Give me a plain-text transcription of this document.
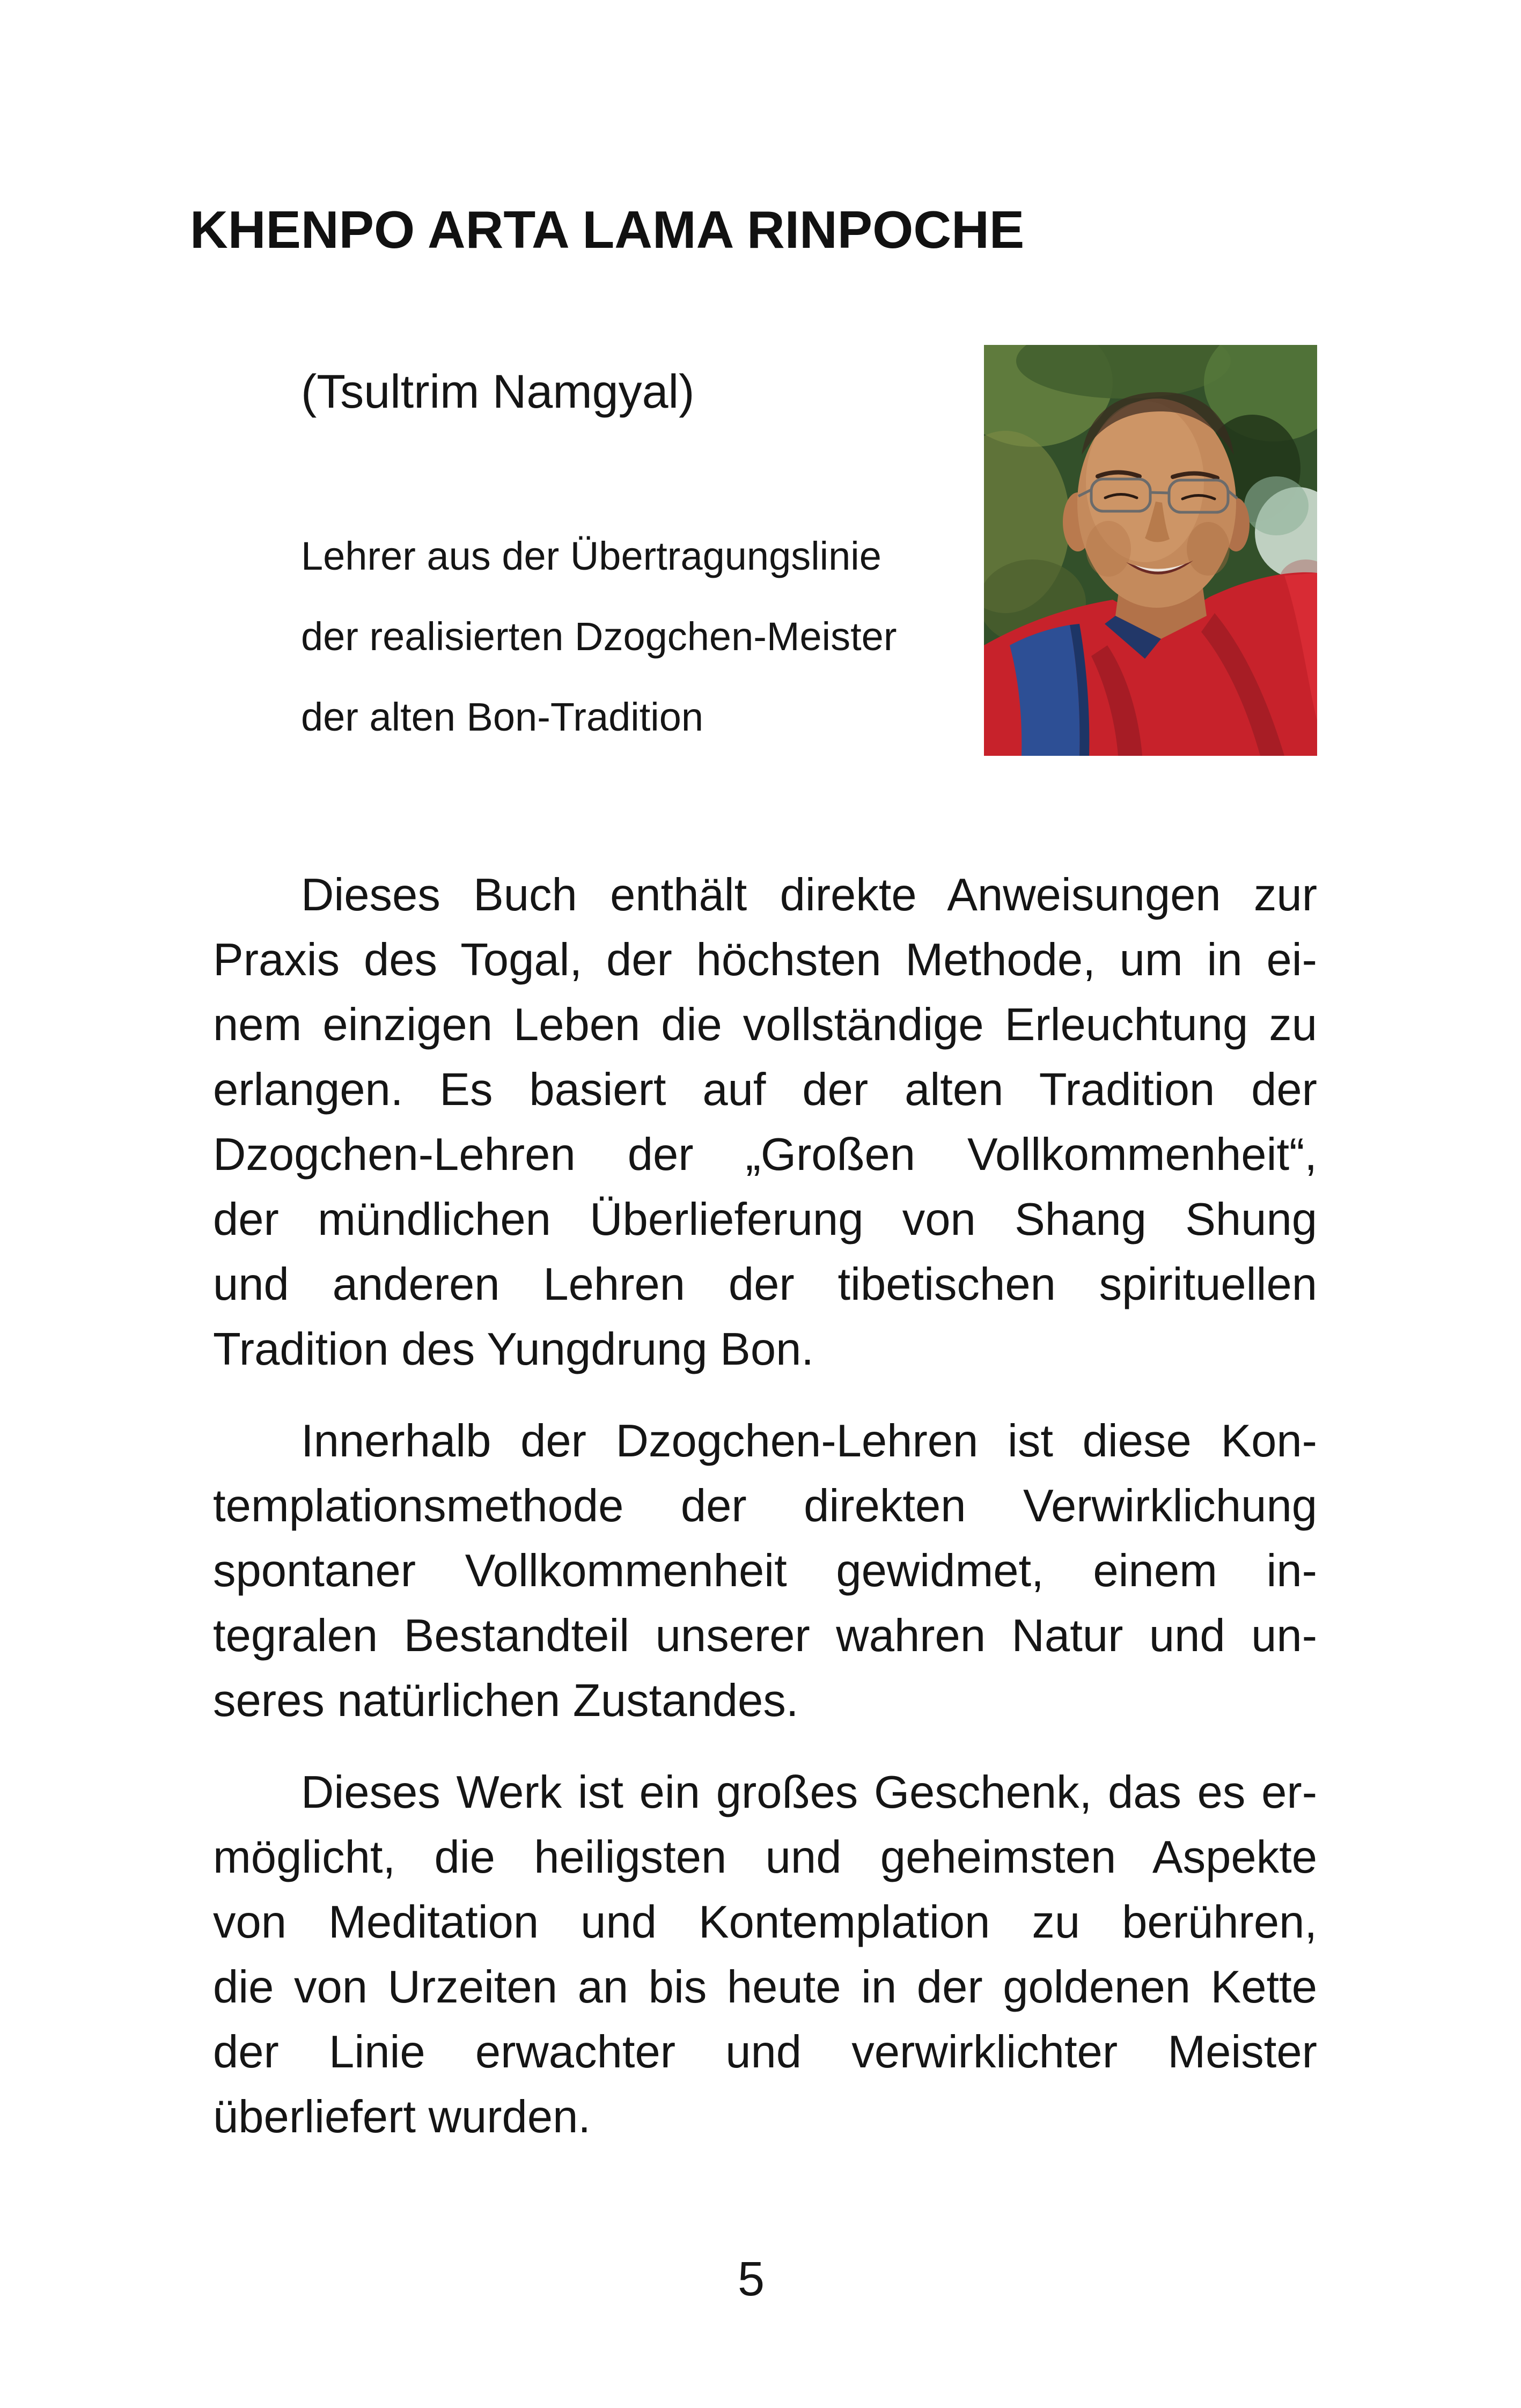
KHENPO ARTA LAMA RINPOCHE
(Tsultrim Namgyal)
Lehrer aus der Übertragungslinie
der realisierten Dzogchen-Meister
der alten Bon-Tradition
Dieses Buch enthält direkte Anweisungen zur
Praxis des Togal, der höchsten Methode, um in ei-
nem einzigen Leben die vollständige Erleuchtung zu
erlangen. Es basiert auf der alten Tradition der
Dzogchen-Lehren der „Großen Vollkommenheit“,
der mündlichen Überlieferung von Shang Shung
und anderen Lehren der tibetischen spirituellen
Tradition des Yungdrung Bon.
Innerhalb der Dzogchen-Lehren ist diese Kon-
templationsmethode der direkten Verwirklichung
spontaner Vollkommenheit gewidmet, einem in-
tegralen Bestandteil unserer wahren Natur und un-
seres natürlichen Zustandes.
Dieses Werk ist ein großes Geschenk, das es er-
möglicht, die heiligsten und geheimsten Aspekte
von Meditation und Kontemplation zu berühren,
die von Urzeiten an bis heute in der goldenen Kette
der Linie erwachter und verwirklichter Meister
überliefert wurden.
5
